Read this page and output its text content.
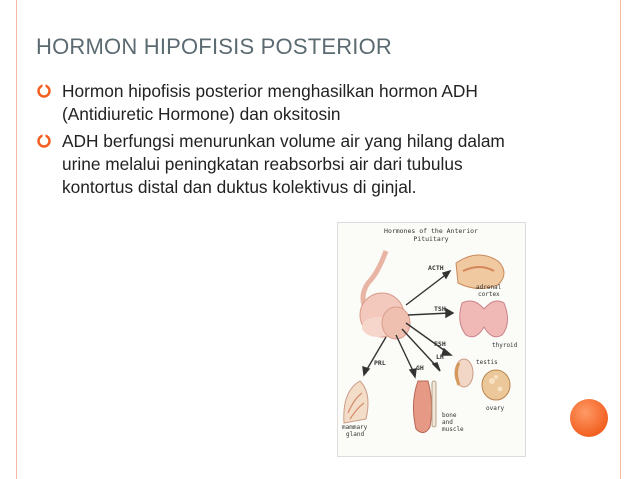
HORMON HIPOFISIS POSTERIOR
Hormon hipofisis posterior menghasilkan hormon ADH (Antidiuretic Hormone) dan oksitosin
ADH berfungsi menurunkan volume air yang hilang dalam urine melalui peningkatan reabsorbsi air dari tubulus kontortus distal dan duktus kolektivus di ginjal.
Hormones of the Anterior
Pituitary
ACTH
TSH
FSH
LH
PRL
GH
adrenal
cortex
thyroid
testis
ovary
mammary
gland
bone
and
muscle
